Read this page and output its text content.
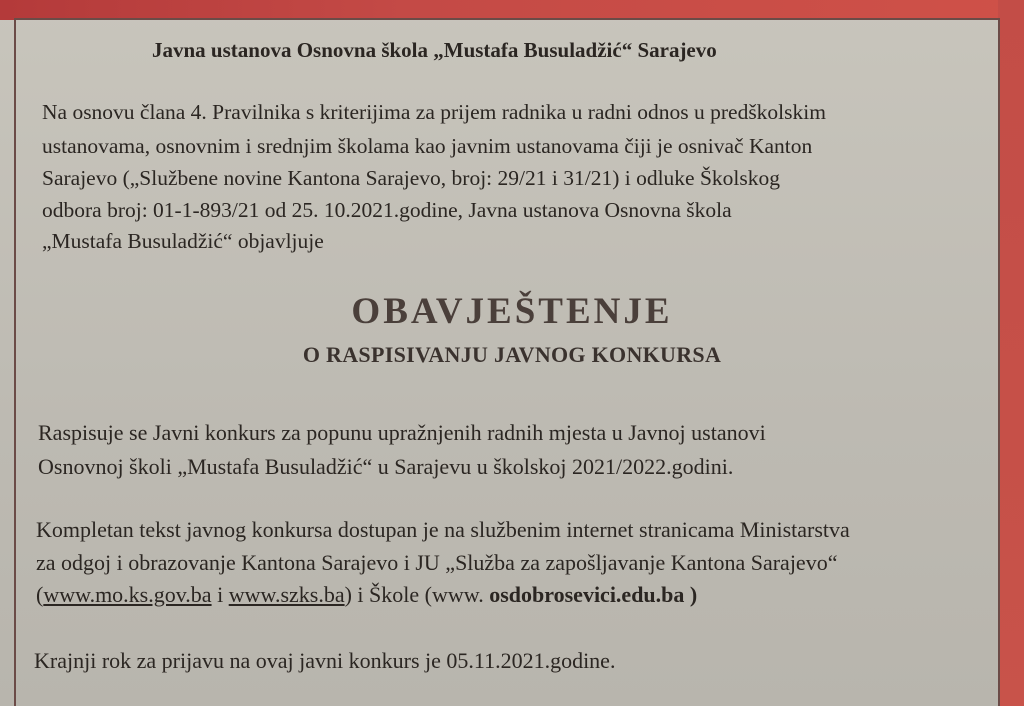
Javna ustanova Osnovna škola „Mustafa Busuladžić“ Sarajevo
Na osnovu člana 4. Pravilnika s kriterijima za prijem radnika u radni odnos u predškolskim
ustanovama, osnovnim i srednjim školama kao javnim ustanovama čiji je osnivač Kanton
Sarajevo („Službene novine Kantona Sarajevo, broj: 29/21 i 31/21) i odluke Školskog
odbora broj: 01-1-893/21 od 25. 10.2021.godine, Javna ustanova Osnovna škola
„Mustafa Busuladžić“ objavljuje
OBAVJEŠTENJE
O RASPISIVANJU JAVNOG KONKURSA
Raspisuje se Javni konkurs za popunu upražnjenih radnih mjesta u Javnoj ustanovi
Osnovnoj školi „Mustafa Busuladžić“ u Sarajevu u školskoj 2021/2022.godini.
Kompletan tekst javnog konkursa dostupan je na službenim internet stranicama Ministarstva
za odgoj i obrazovanje Kantona Sarajevo i JU „Služba za zapošljavanje Kantona Sarajevo“
(www.mo.ks.gov.ba i www.szks.ba) i Škole (www. osdobrosevici.edu.ba )
Krajnji rok za prijavu na ovaj javni konkurs je 05.11.2021.godine.
